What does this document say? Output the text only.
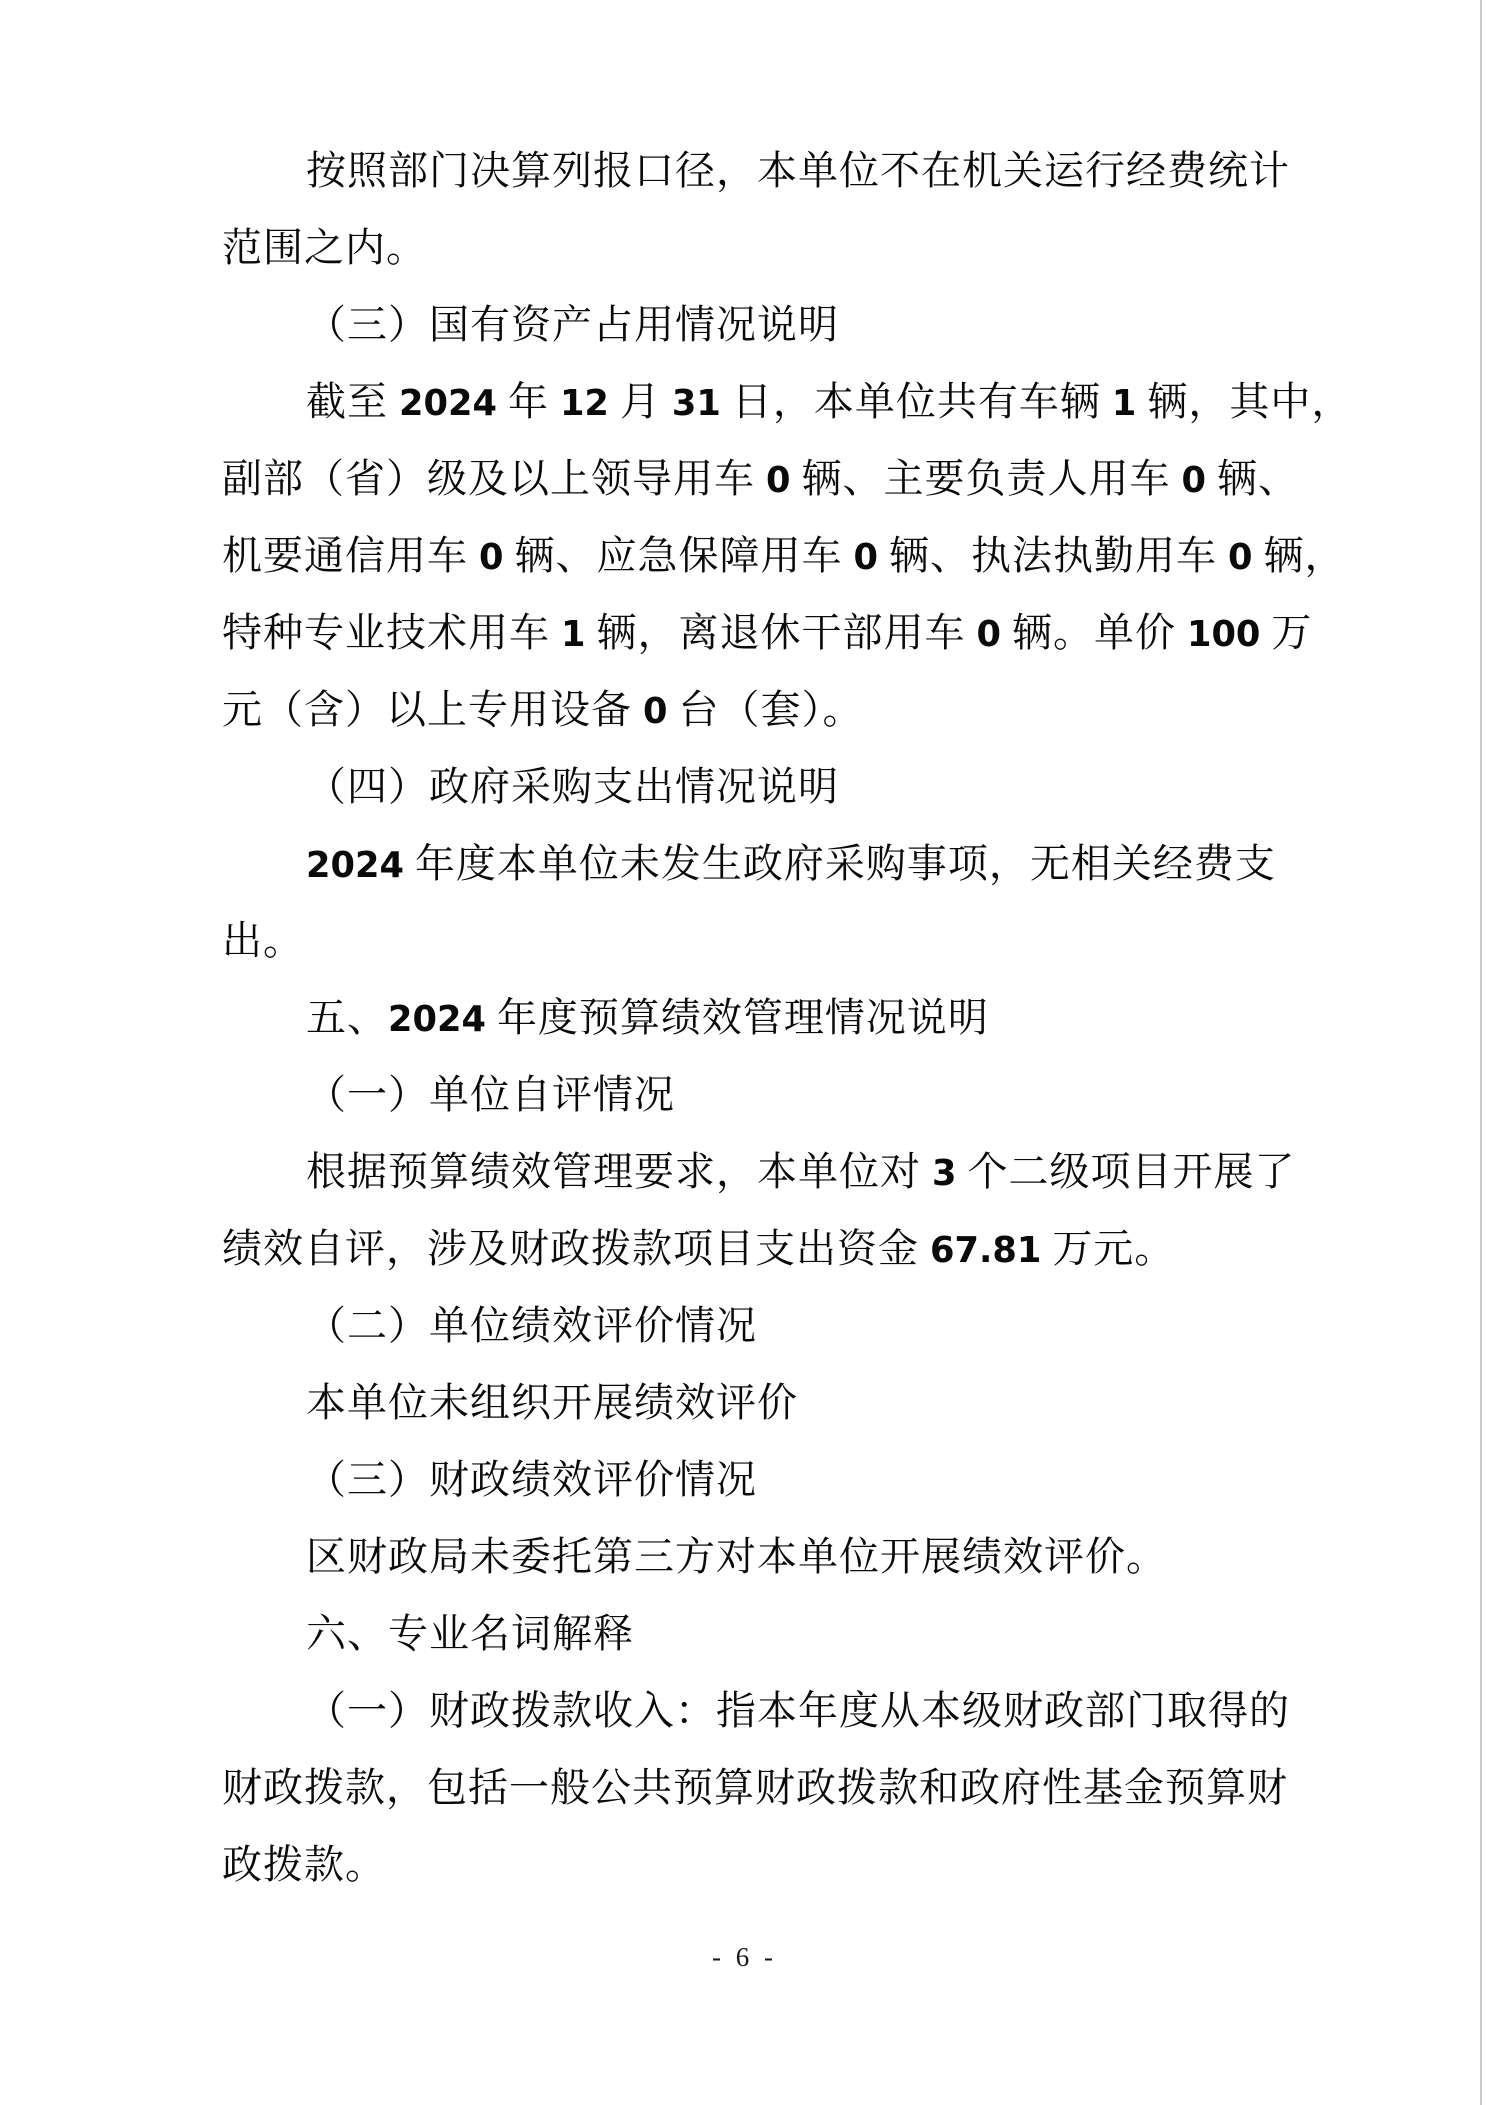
按照部门决算列报口径，本单位不在机关运行经费统计
范围之内。
（三）国有资产占用情况说明
截至 2024 年 12 月 31 日，本单位共有车辆 1 辆，其中，
副部（省）级及以上领导用车 0 辆、主要负责人用车 0 辆、
机要通信用车 0 辆、应急保障用车 0 辆、执法执勤用车 0 辆，
特种专业技术用车 1 辆，离退休干部用车 0 辆。单价 100 万
元（含）以上专用设备 0 台（套）。
（四）政府采购支出情况说明
2024 年度本单位未发生政府采购事项，无相关经费支
出。
五、2024 年度预算绩效管理情况说明
（一）单位自评情况
根据预算绩效管理要求，本单位对 3 个二级项目开展了
绩效自评，涉及财政拨款项目支出资金 67.81 万元。
（二）单位绩效评价情况
本单位未组织开展绩效评价
（三）财政绩效评价情况
区财政局未委托第三方对本单位开展绩效评价。
六、专业名词解释
（一）财政拨款收入：指本年度从本级财政部门取得的
财政拨款，包括一般公共预算财政拨款和政府性基金预算财
政拨款。
- 6 -
